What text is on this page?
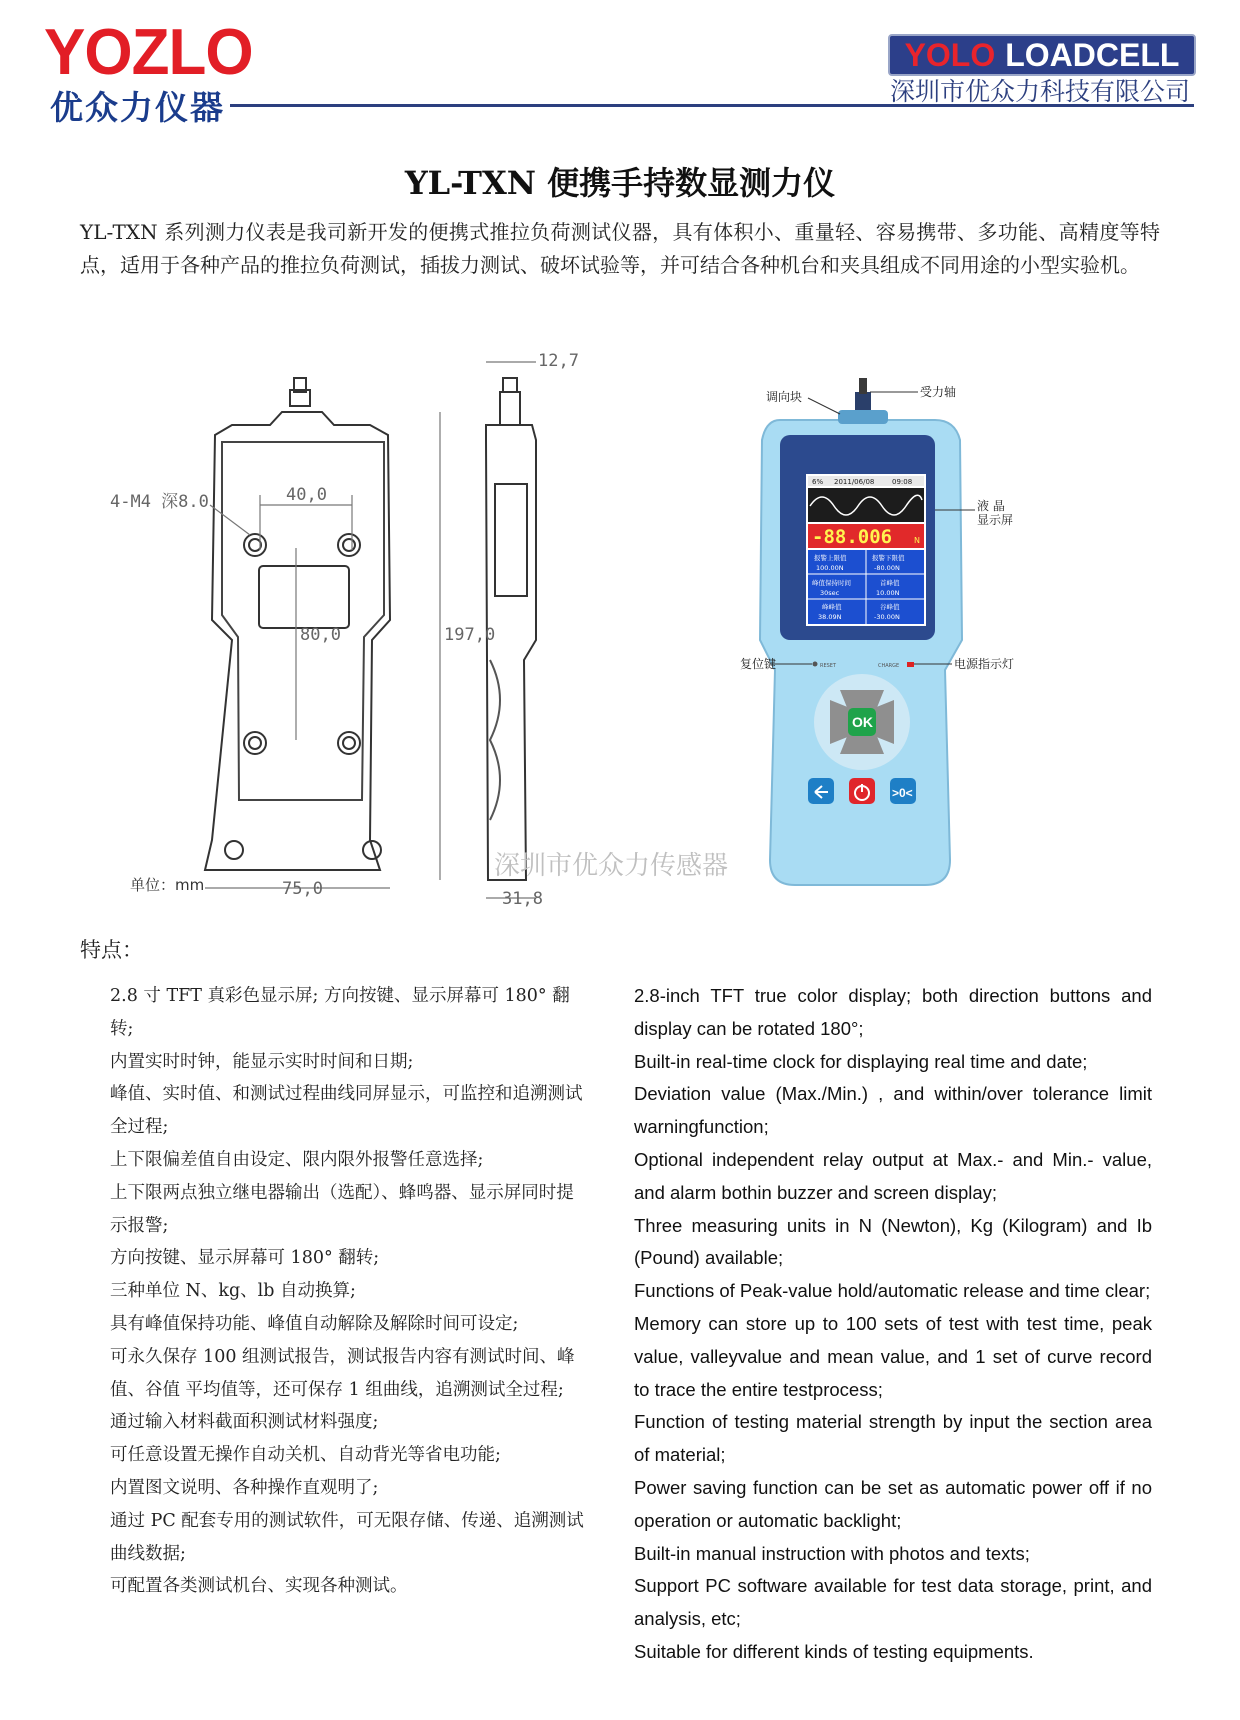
YOZLO
优众力仪器
YOLO LOADCELL
深圳市优众力科技有限公司
YL-TXN 便携手持数显测力仪
YL-TXN 系列测力仪表是我司新开发的便携式推拉负荷测试仪器，具有体积小、重量轻、容易携带、多功能、高精度等特点，适用于各种产品的推拉负荷测试，插拔力测试、破坏试验等，并可结合各种机台和夹具组成不同用途的小型实验机。
4-M4 深8.0	40,0
80,0	197,0
75,0	31,8
12,7
单位：mm
6% 2011/06/08	09:08
-88.006	N
报警上限值
100.00N
报警下限值
-80.00N
峰值保持时间
30sec
首峰值
10.00N
峰峰值
38.09N
谷峰值
-30.00N
OK
>0<
RESET	CHARGE
调向块	受力轴
液 晶
显示屏
复位键	电源指示灯
深圳市优众力传感器
特点：

2.8 寸 TFT 真彩色显示屏; 方向按键、显示屏幕可 180° 翻转;

内置实时时钟，能显示实时时间和日期;

峰值、实时值、和测试过程曲线同屏显示，可监控和追溯测试全过程;

上下限偏差值自由设定、限内限外报警任意选择;

上下限两点独立继电器输出（选配）、蜂鸣器、显示屏同时提示报警;

方向按键、显示屏幕可 180° 翻转;

三种单位 N、kg、lb 自动换算;

具有峰值保持功能、峰值自动解除及解除时间可设定;

可永久保存 100 组测试报告，测试报告内容有测试时间、峰值、谷值 平均值等，还可保存 1 组曲线，追溯测试全过程;

通过输入材料截面积测试材料强度;

可任意设置无操作自动关机、自动背光等省电功能;

内置图文说明、各种操作直观明了;

通过 PC 配套专用的测试软件，可无限存储、传递、追溯测试曲线数据;

可配置各类测试机台、实现各种测试。

2.8-inch TFT true color display; both direction buttons and display can be rotated 180°;

Built-in real-time clock for displaying real time and date;

Deviation value (Max./Min.) , and within/over tolerance limit warningfunction;

Optional independent relay output at Max.- and Min.- value, and alarm bothin buzzer and screen display;

Three measuring units in N (Newton), Kg (Kilogram) and Ib (Pound) available;

Functions of Peak-value hold/automatic release and time clear;

Memory can store up to 100 sets of test with test time, peak value, valleyvalue and mean value, and 1 set of curve record to trace the entire testprocess;

Function of testing material strength by input the section area of material;

Power saving function can be set as automatic power off if no operation or automatic backlight;

Built-in manual instruction with photos and texts;

Support PC software available for test data storage, print, and analysis, etc;

Suitable for different kinds of testing equipments.
